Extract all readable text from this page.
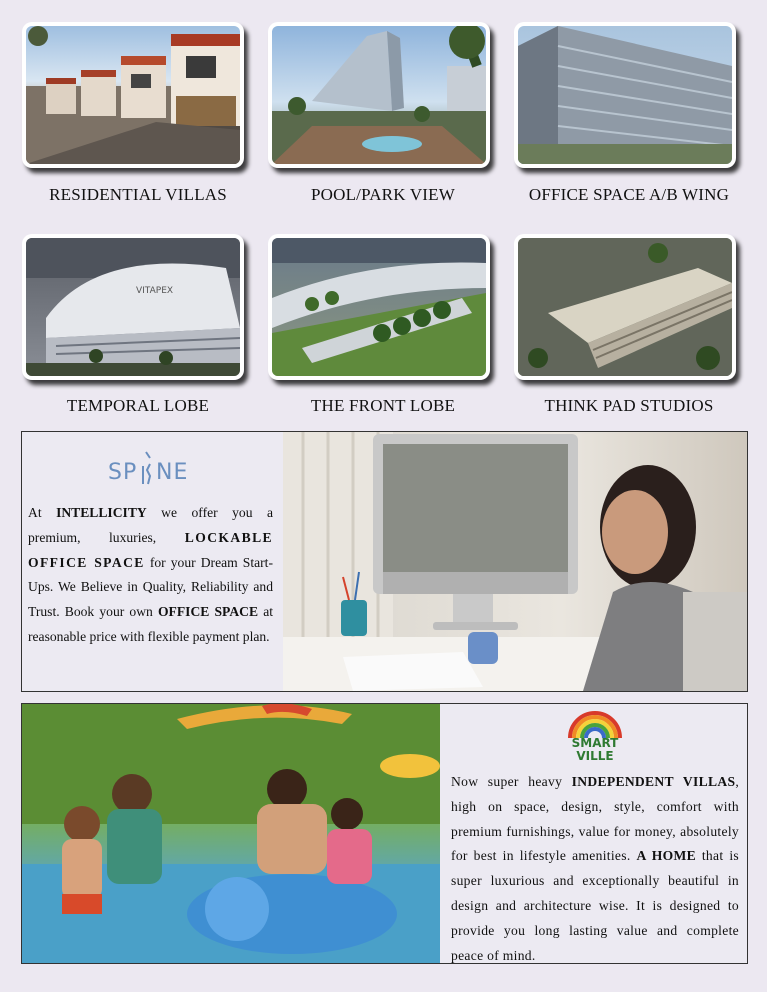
RESIDENTIAL VILLAS	POOL/PARK VIEW	OFFICE SPACE A/B WING
VITAPEX
TEMPORAL LOBE	THE FRONT LOBE	THINK PAD STUDIOS
SP NE
At INTELLICITY we offer you a premium, luxuries, LOCKABLE OFFICE SPACE for your Dream Start-Ups. We Believe in Quality, Reliability and Trust. Book your own OFFICE SPACE at reasonable price with flexible payment plan.
SMART
VILLE
Now super heavy INDEPENDENT VILLAS, high on space, design, style, comfort with premium furnishings, value for money, absolutely for best in lifestyle amenities. A HOME that is super luxurious and exceptionally beautiful in design and architecture wise. It is designed to provide you long lasting value and complete peace of mind.
